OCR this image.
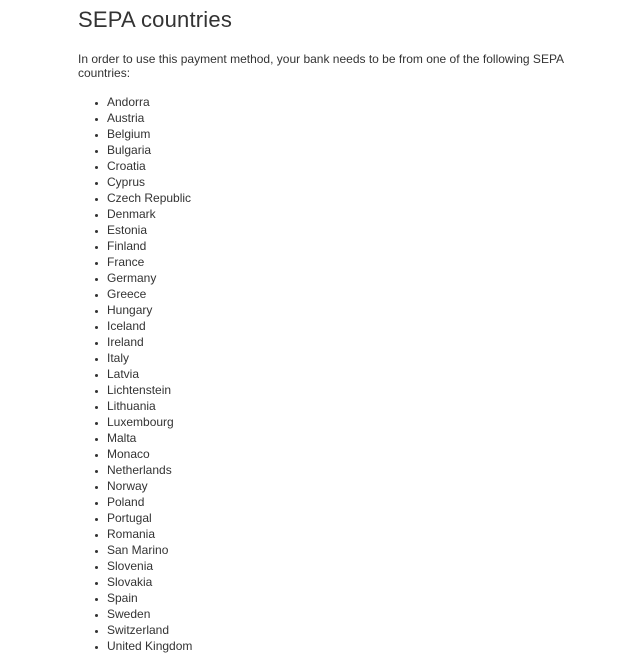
SEPA countries

In order to use this payment method, your bank needs to be from one of the following SEPA countries:

• Andorra
• Austria
• Belgium
• Bulgaria
• Croatia
• Cyprus
• Czech Republic
• Denmark
• Estonia
• Finland
• France
• Germany
• Greece
• Hungary
• Iceland
• Ireland
• Italy
• Latvia
• Lichtenstein
• Lithuania
• Luxembourg
• Malta
• Monaco
• Netherlands
• Norway
• Poland
• Portugal
• Romania
• San Marino
• Slovenia
• Slovakia
• Spain
• Sweden
• Switzerland
• United Kingdom
